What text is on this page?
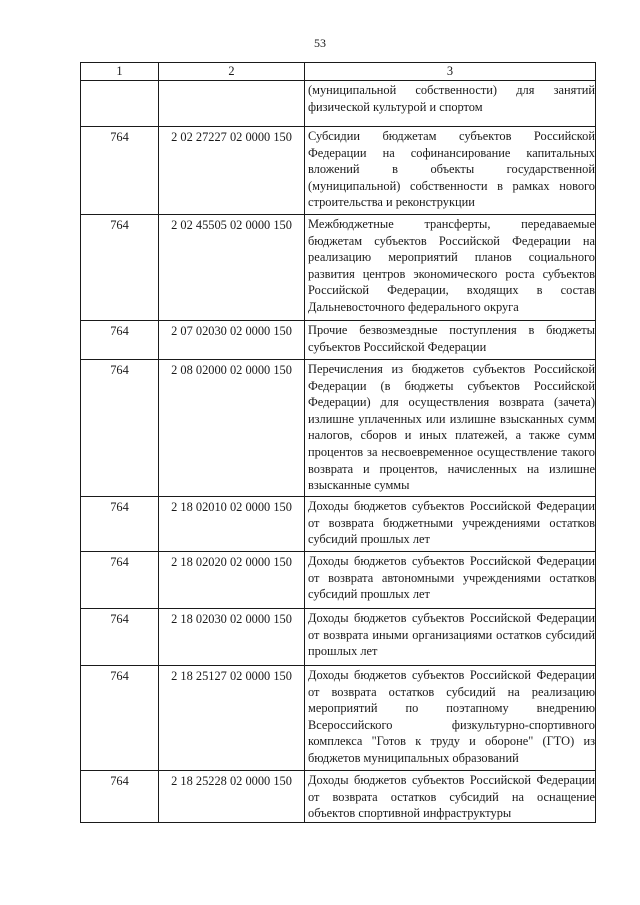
53
1	2	3

		(муниципальной собственности) для занятий физической культурой и спортом

764	2 02 27227 02 0000 150	Субсидии бюджетам субъектов Российской Федерации на софинансирование капитальных вложений в объекты государственной (муниципальной) собственности в рамках нового строительства и реконструкции

764	2 02 45505 02 0000 150	Межбюджетные трансферты, передаваемые бюджетам субъектов Российской Федерации на реализацию мероприятий планов социального развития центров экономического роста субъектов Российской Федерации, входящих в состав Дальневосточного федерального округа

764	2 07 02030 02 0000 150	Прочие безвозмездные поступления в бюджеты субъектов Российской Федерации

764	2 08 02000 02 0000 150	Перечисления из бюджетов субъектов Российской Федерации (в бюджеты субъектов Российской Федерации) для осуществления возврата (зачета) излишне уплаченных или излишне взысканных сумм налогов, сборов и иных платежей, а также сумм процентов за несвоевременное осуществление такого возврата и процентов, начисленных на излишне взысканные суммы

764	2 18 02010 02 0000 150	Доходы бюджетов субъектов Российской Федерации от возврата бюджетными учреждениями остатков субсидий прошлых лет

764	2 18 02020 02 0000 150	Доходы бюджетов субъектов Российской Федерации от возврата автономными учреждениями остатков субсидий прошлых лет

764	2 18 02030 02 0000 150	Доходы бюджетов субъектов Российской Федерации от возврата иными организациями остатков субсидий прошлых лет

764	2 18 25127 02 0000 150	Доходы бюджетов субъектов Российской Федерации от возврата остатков субсидий на реализацию мероприятий по поэтапному внедрению Всероссийского физкультурно-спортивного комплекса "Готов к труду и обороне" (ГТО) из бюджетов муниципальных образований

764	2 18 25228 02 0000 150	Доходы бюджетов субъектов Российской Федерации от возврата остатков субсидий на оснащение объектов спортивной инфраструктуры
